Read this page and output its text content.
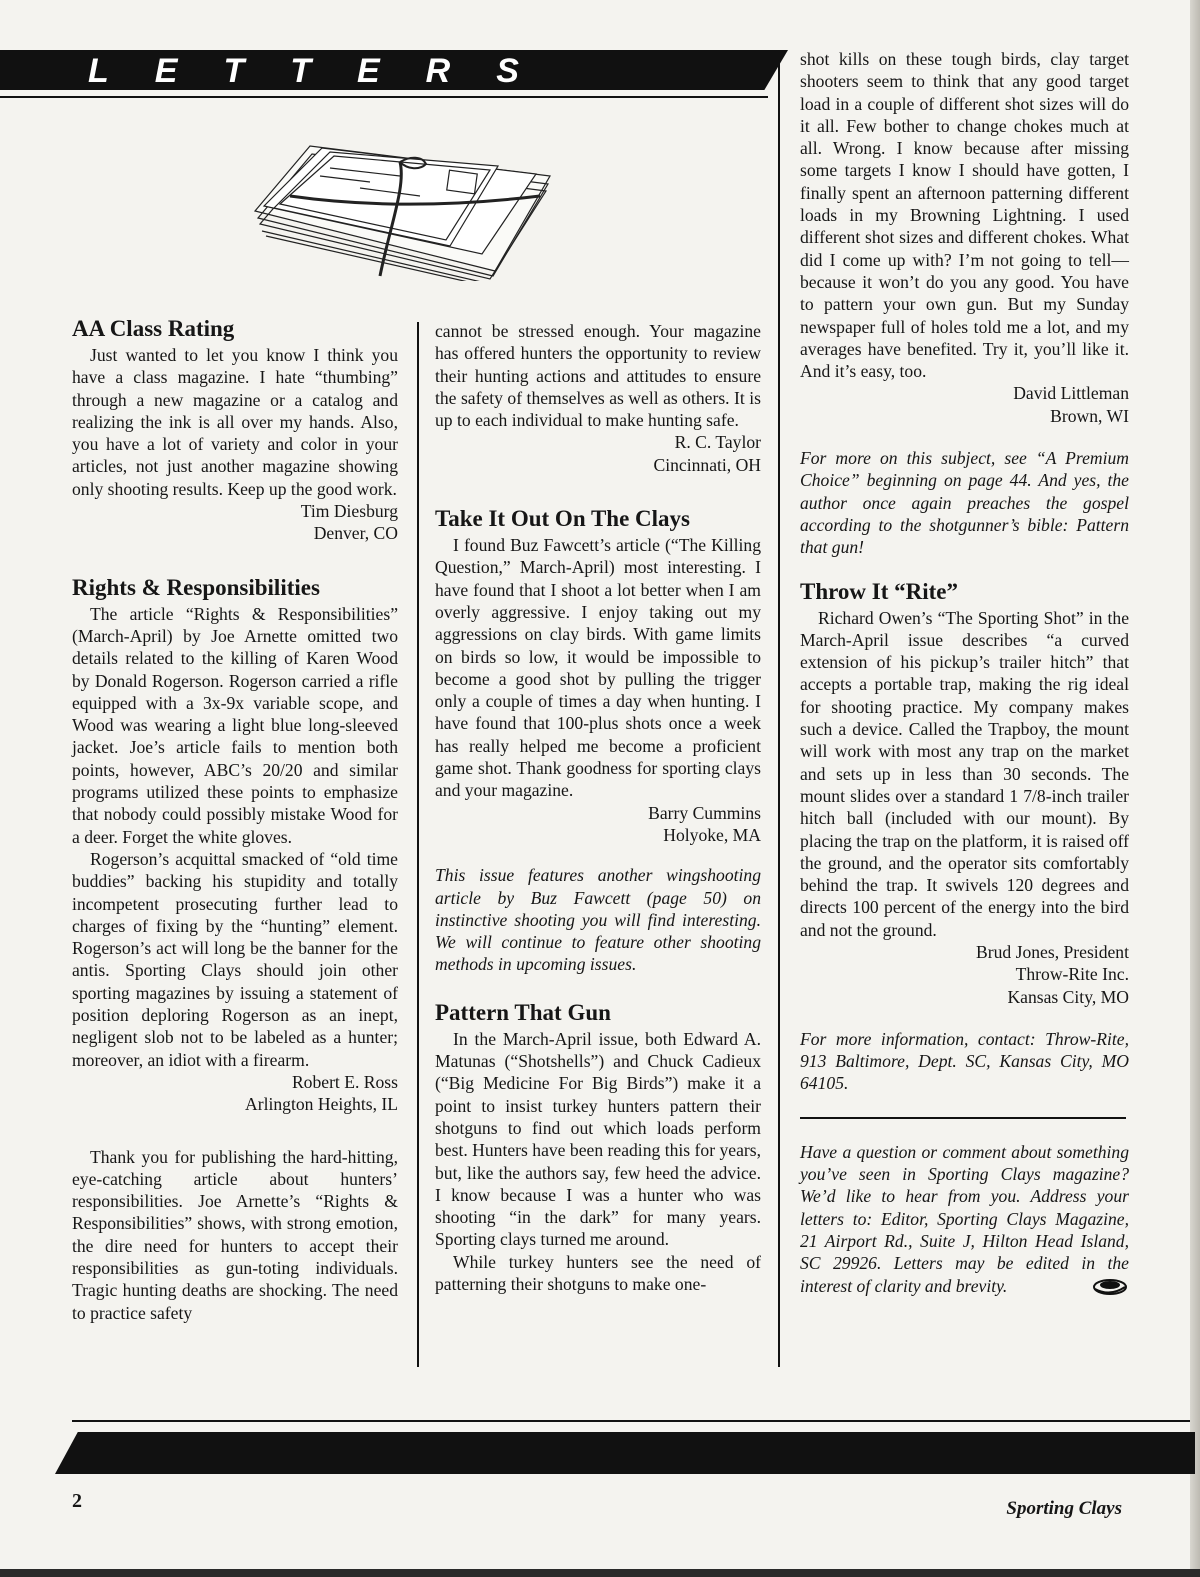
LETTERS
AA Class Rating

Just wanted to let you know I think you have a class magazine. I hate “thumbing” through a new magazine or a catalog and realizing the ink is all over my hands. Also, you have a lot of variety and color in your articles, not just another magazine showing only shooting results. Keep up the good work.

Tim Diesburg

Denver, CO

Rights & Responsibilities

The article “Rights & Responsibilities” (March-April) by Joe Arnette omitted two details related to the killing of Karen Wood by Donald Rogerson. Rogerson carried a rifle equipped with a 3x-9x variable scope, and Wood was wearing a light blue long-sleeved jacket. Joe’s article fails to mention both points, however, ABC’s 20/20 and similar programs utilized these points to emphasize that nobody could possibly mistake Wood for a deer. Forget the white gloves.

Rogerson’s acquittal smacked of “old time buddies” backing his stupidity and totally incompetent prosecuting further lead to charges of fixing by the “hunting” element. Rogerson’s act will long be the banner for the antis. Sporting Clays should join other sporting magazines by issuing a statement of position deploring Rogerson as an inept, negligent slob not to be labeled as a hunter; moreover, an idiot with a firearm.

Robert E. Ross

Arlington Heights, IL

Thank you for publishing the hard-hitting, eye-catching article about hunters’ responsibilities. Joe Arnette’s “Rights & Responsibilities” shows, with strong emotion, the dire need for hunters to accept their responsibilities as gun-toting individuals. Tragic hunting deaths are shocking. The need to practice safety

cannot be stressed enough. Your magazine has offered hunters the opportunity to review their hunting actions and attitudes to ensure the safety of themselves as well as others. It is up to each individual to make hunting safe.

R. C. Taylor

Cincinnati, OH

Take It Out On The Clays

I found Buz Fawcett’s article (“The Killing Question,” March-April) most interesting. I have found that I shoot a lot better when I am overly aggressive. I enjoy taking out my aggressions on clay birds. With game limits on birds so low, it would be impossible to become a good shot by pulling the trigger only a couple of times a day when hunting. I have found that 100-plus shots once a week has really helped me become a proficient game shot. Thank goodness for sporting clays and your magazine.

Barry Cummins

Holyoke, MA

This issue features another wingshooting article by Buz Fawcett (page 50) on instinctive shooting you will find interesting. We will continue to feature other shooting methods in upcoming issues.

Pattern That Gun

In the March-April issue, both Edward A. Matunas (“Shotshells”) and Chuck Cadieux (“Big Medicine For Big Birds”) make it a point to insist turkey hunters pattern their shotguns to find out which loads perform best. Hunters have been reading this for years, but, like the authors say, few heed the advice. I know because I was a hunter who was shooting “in the dark” for many years. Sporting clays turned me around.

While turkey hunters see the need of patterning their shotguns to make one-

shot kills on these tough birds, clay target shooters seem to think that any good target load in a couple of different shot sizes will do it all. Few bother to change chokes much at all. Wrong. I know because after missing some targets I know I should have gotten, I finally spent an afternoon patterning different loads in my Browning Lightning. I used different shot sizes and different chokes. What did I come up with? I’m not going to tell—because it won’t do you any good. You have to pattern your own gun. But my Sunday newspaper full of holes told me a lot, and my averages have benefited. Try it, you’ll like it. And it’s easy, too.

David Littleman

Brown, WI

For more on this subject, see “A Premium Choice” beginning on page 44. And yes, the author once again preaches the gospel according to the shotgunner’s bible: Pattern that gun!

Throw It “Rite”

Richard Owen’s “The Sporting Shot” in the March-April issue describes “a curved extension of his pickup’s trailer hitch” that accepts a portable trap, making the rig ideal for shooting practice. My company makes such a device. Called the Trapboy, the mount will work with most any trap on the market and sets up in less than 30 seconds. The mount slides over a standard 1 7/8-inch trailer hitch ball (included with our mount). By placing the trap on the platform, it is raised off the ground, and the operator sits comfortably behind the trap. It swivels 120 degrees and directs 100 percent of the energy into the bird and not the ground.

Brud Jones, President

Throw-Rite Inc.

Kansas City, MO

For more information, contact: Throw-Rite, 913 Baltimore, Dept. SC, Kansas City, MO 64105.

Have a question or comment about something you’ve seen in Sporting Clays magazine? We’d like to hear from you. Address your letters to: Editor, Sporting Clays Magazine, 21 Airport Rd., Suite J, Hilton Head Island, SC 29926. Letters may be edited in the interest of clarity and brevity.

2	Sporting Clays
